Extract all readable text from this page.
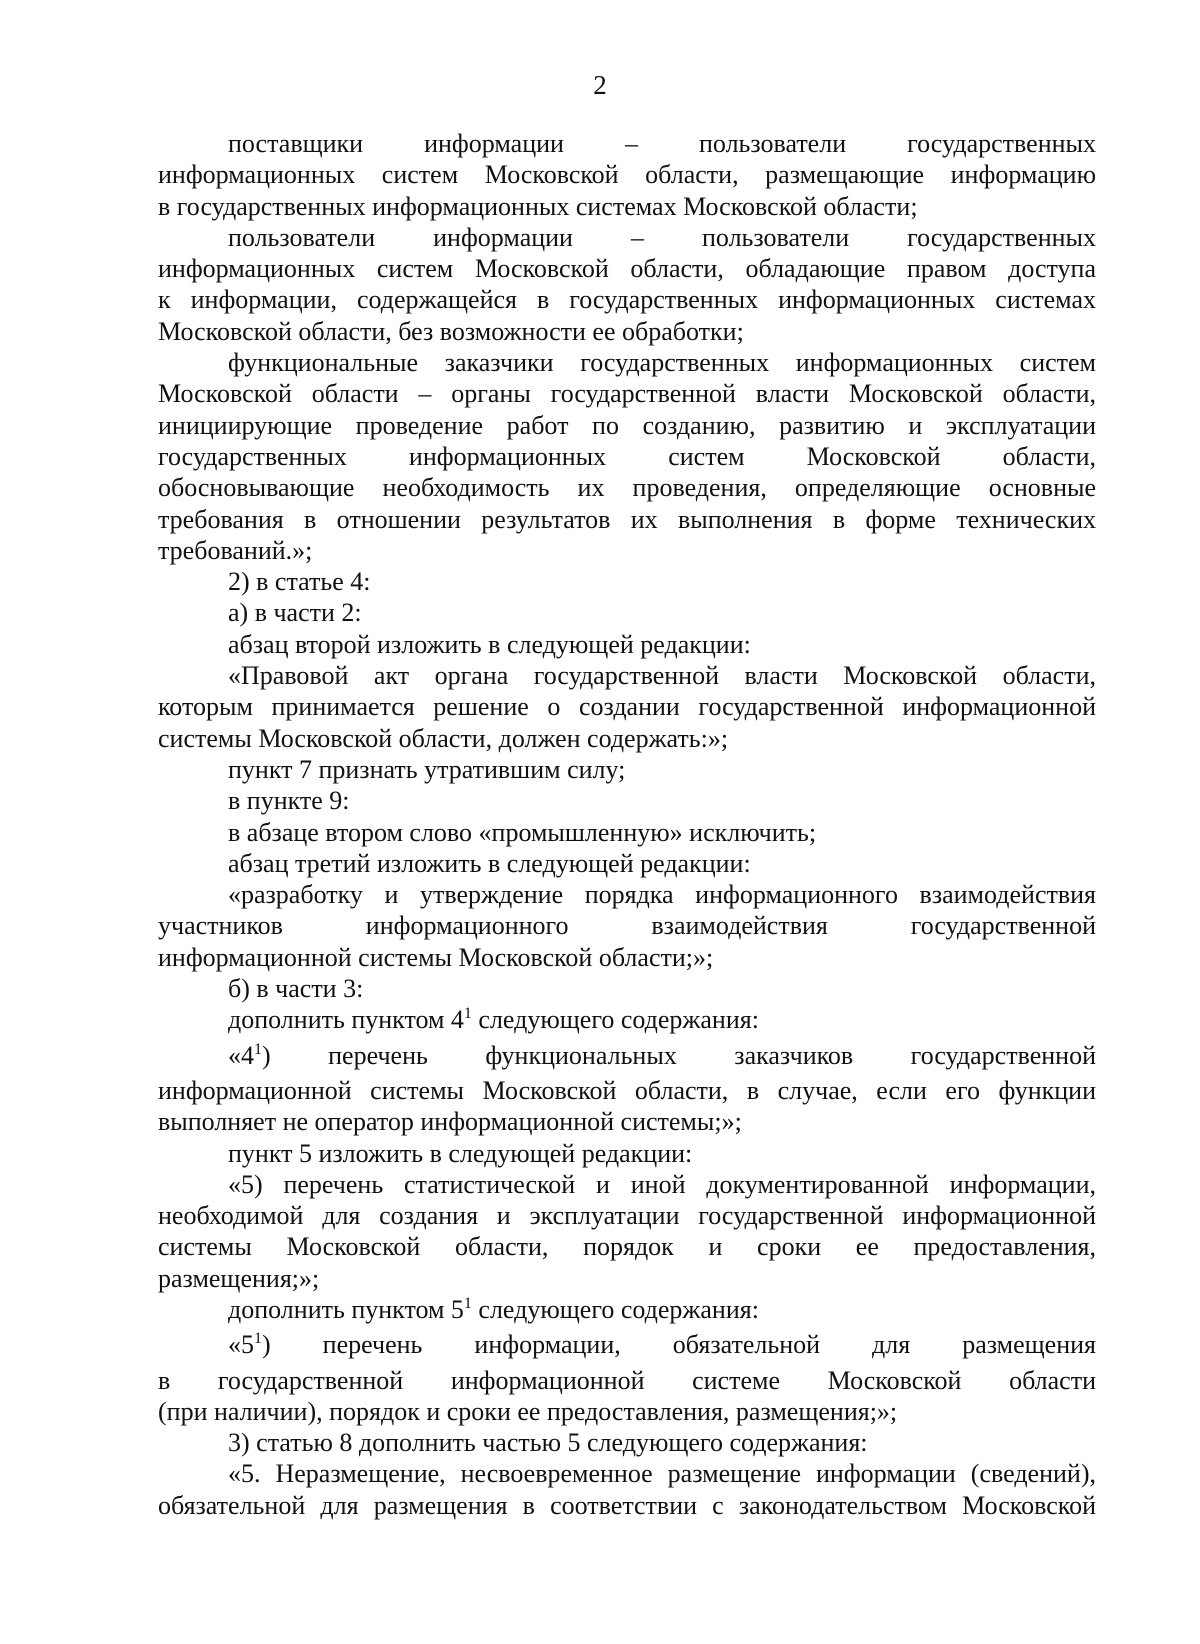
2

поставщики информации – пользователи государственных
информационных систем Московской области, размещающие информацию
в государственных информационных системах Московской области;

пользователи информации – пользователи государственных
информационных систем Московской области, обладающие правом доступа
к информации, содержащейся в государственных информационных системах
Московской области, без возможности ее обработки;

функциональные заказчики государственных информационных систем
Московской области – органы государственной власти Московской области,
инициирующие проведение работ по созданию, развитию и эксплуатации
государственных информационных систем Московской области,
обосновывающие необходимость их проведения, определяющие основные
требования в отношении результатов их выполнения в форме технических
требований.»;

2) в статье 4:

а) в части 2:

абзац второй изложить в следующей редакции:

«Правовой акт органа государственной власти Московской области,
которым принимается решение о создании государственной информационной
системы Московской области, должен содержать:»;

пункт 7 признать утратившим силу;

в пункте 9:

в абзаце втором слово «промышленную» исключить;

абзац третий изложить в следующей редакции:

«разработку и утверждение порядка информационного взаимодействия
участников информационного взаимодействия государственной
информационной системы Московской области;»;

б) в части 3:

дополнить пунктом $4^1$ следующего содержания:

«$4^1$) перечень функциональных заказчиков государственной
информационной системы Московской области, в случае, если его функции
выполняет не оператор информационной системы;»;

пункт 5 изложить в следующей редакции:

«5) перечень статистической и иной документированной информации,
необходимой для создания и эксплуатации государственной информационной
системы Московской области, порядок и сроки ее предоставления,
размещения;»;

дополнить пунктом $5^1$ следующего содержания:

«$5^1$) перечень информации, обязательной для размещения
в государственной информационной системе Московской области
(при наличии), порядок и сроки ее предоставления, размещения;»;

3) статью 8 дополнить частью 5 следующего содержания:

«5. Неразмещение, несвоевременное размещение информации (сведений),
обязательной для размещения в соответствии с законодательством Московской
